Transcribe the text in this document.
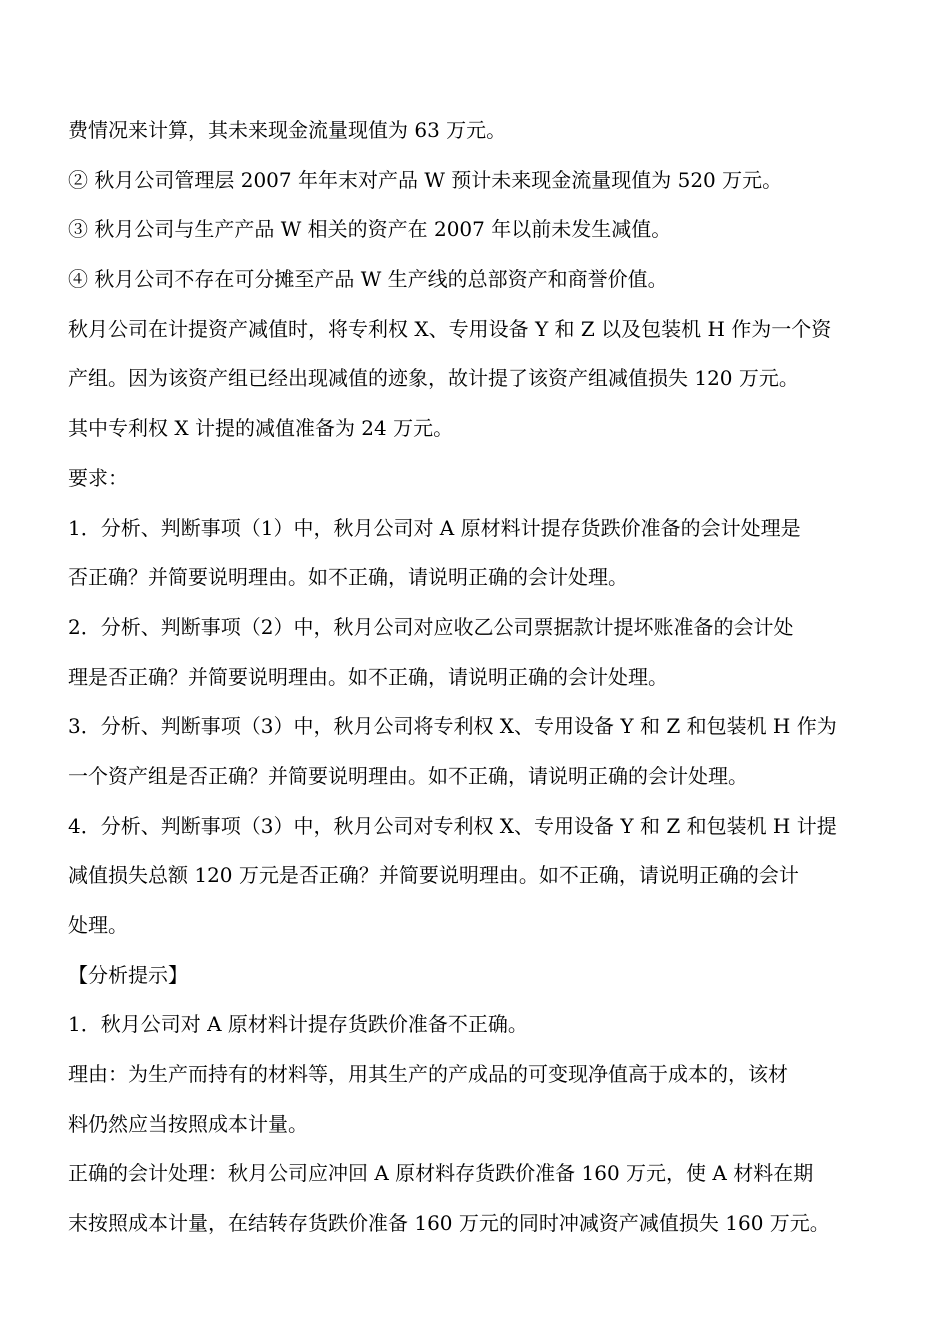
费情况来计算，其未来现金流量现值为 63 万元。
② 秋月公司管理层 2007 年年末对产品 W 预计未来现金流量现值为 520 万元。
③ 秋月公司与生产产品 W 相关的资产在 2007 年以前未发生减值。
④ 秋月公司不存在可分摊至产品 W 生产线的总部资产和商誉价值。
秋月公司在计提资产减值时，将专利权 X、专用设备 Y 和 Z 以及包装机 H 作为一个资
产组。因为该资产组已经出现减值的迹象，故计提了该资产组减值损失 120 万元。
其中专利权 X 计提的减值准备为 24 万元。
要求：
1．分析、判断事项（1）中，秋月公司对 A 原材料计提存货跌价准备的会计处理是
否正确？并简要说明理由。如不正确，请说明正确的会计处理。
2．分析、判断事项（2）中，秋月公司对应收乙公司票据款计提坏账准备的会计处
理是否正确？并简要说明理由。如不正确，请说明正确的会计处理。
3．分析、判断事项（3）中，秋月公司将专利权 X、专用设备 Y 和 Z 和包装机 H 作为
一个资产组是否正确？并简要说明理由。如不正确，请说明正确的会计处理。
4．分析、判断事项（3）中，秋月公司对专利权 X、专用设备 Y 和 Z 和包装机 H 计提
减值损失总额 120 万元是否正确？并简要说明理由。如不正确，请说明正确的会计
处理。
【分析提示】
1．秋月公司对 A 原材料计提存货跌价准备不正确。
理由：为生产而持有的材料等，用其生产的产成品的可变现净值高于成本的，该材
料仍然应当按照成本计量。
正确的会计处理：秋月公司应冲回 A 原材料存货跌价准备 160 万元，使 A 材料在期
末按照成本计量，在结转存货跌价准备 160 万元的同时冲减资产减值损失 160 万元。
